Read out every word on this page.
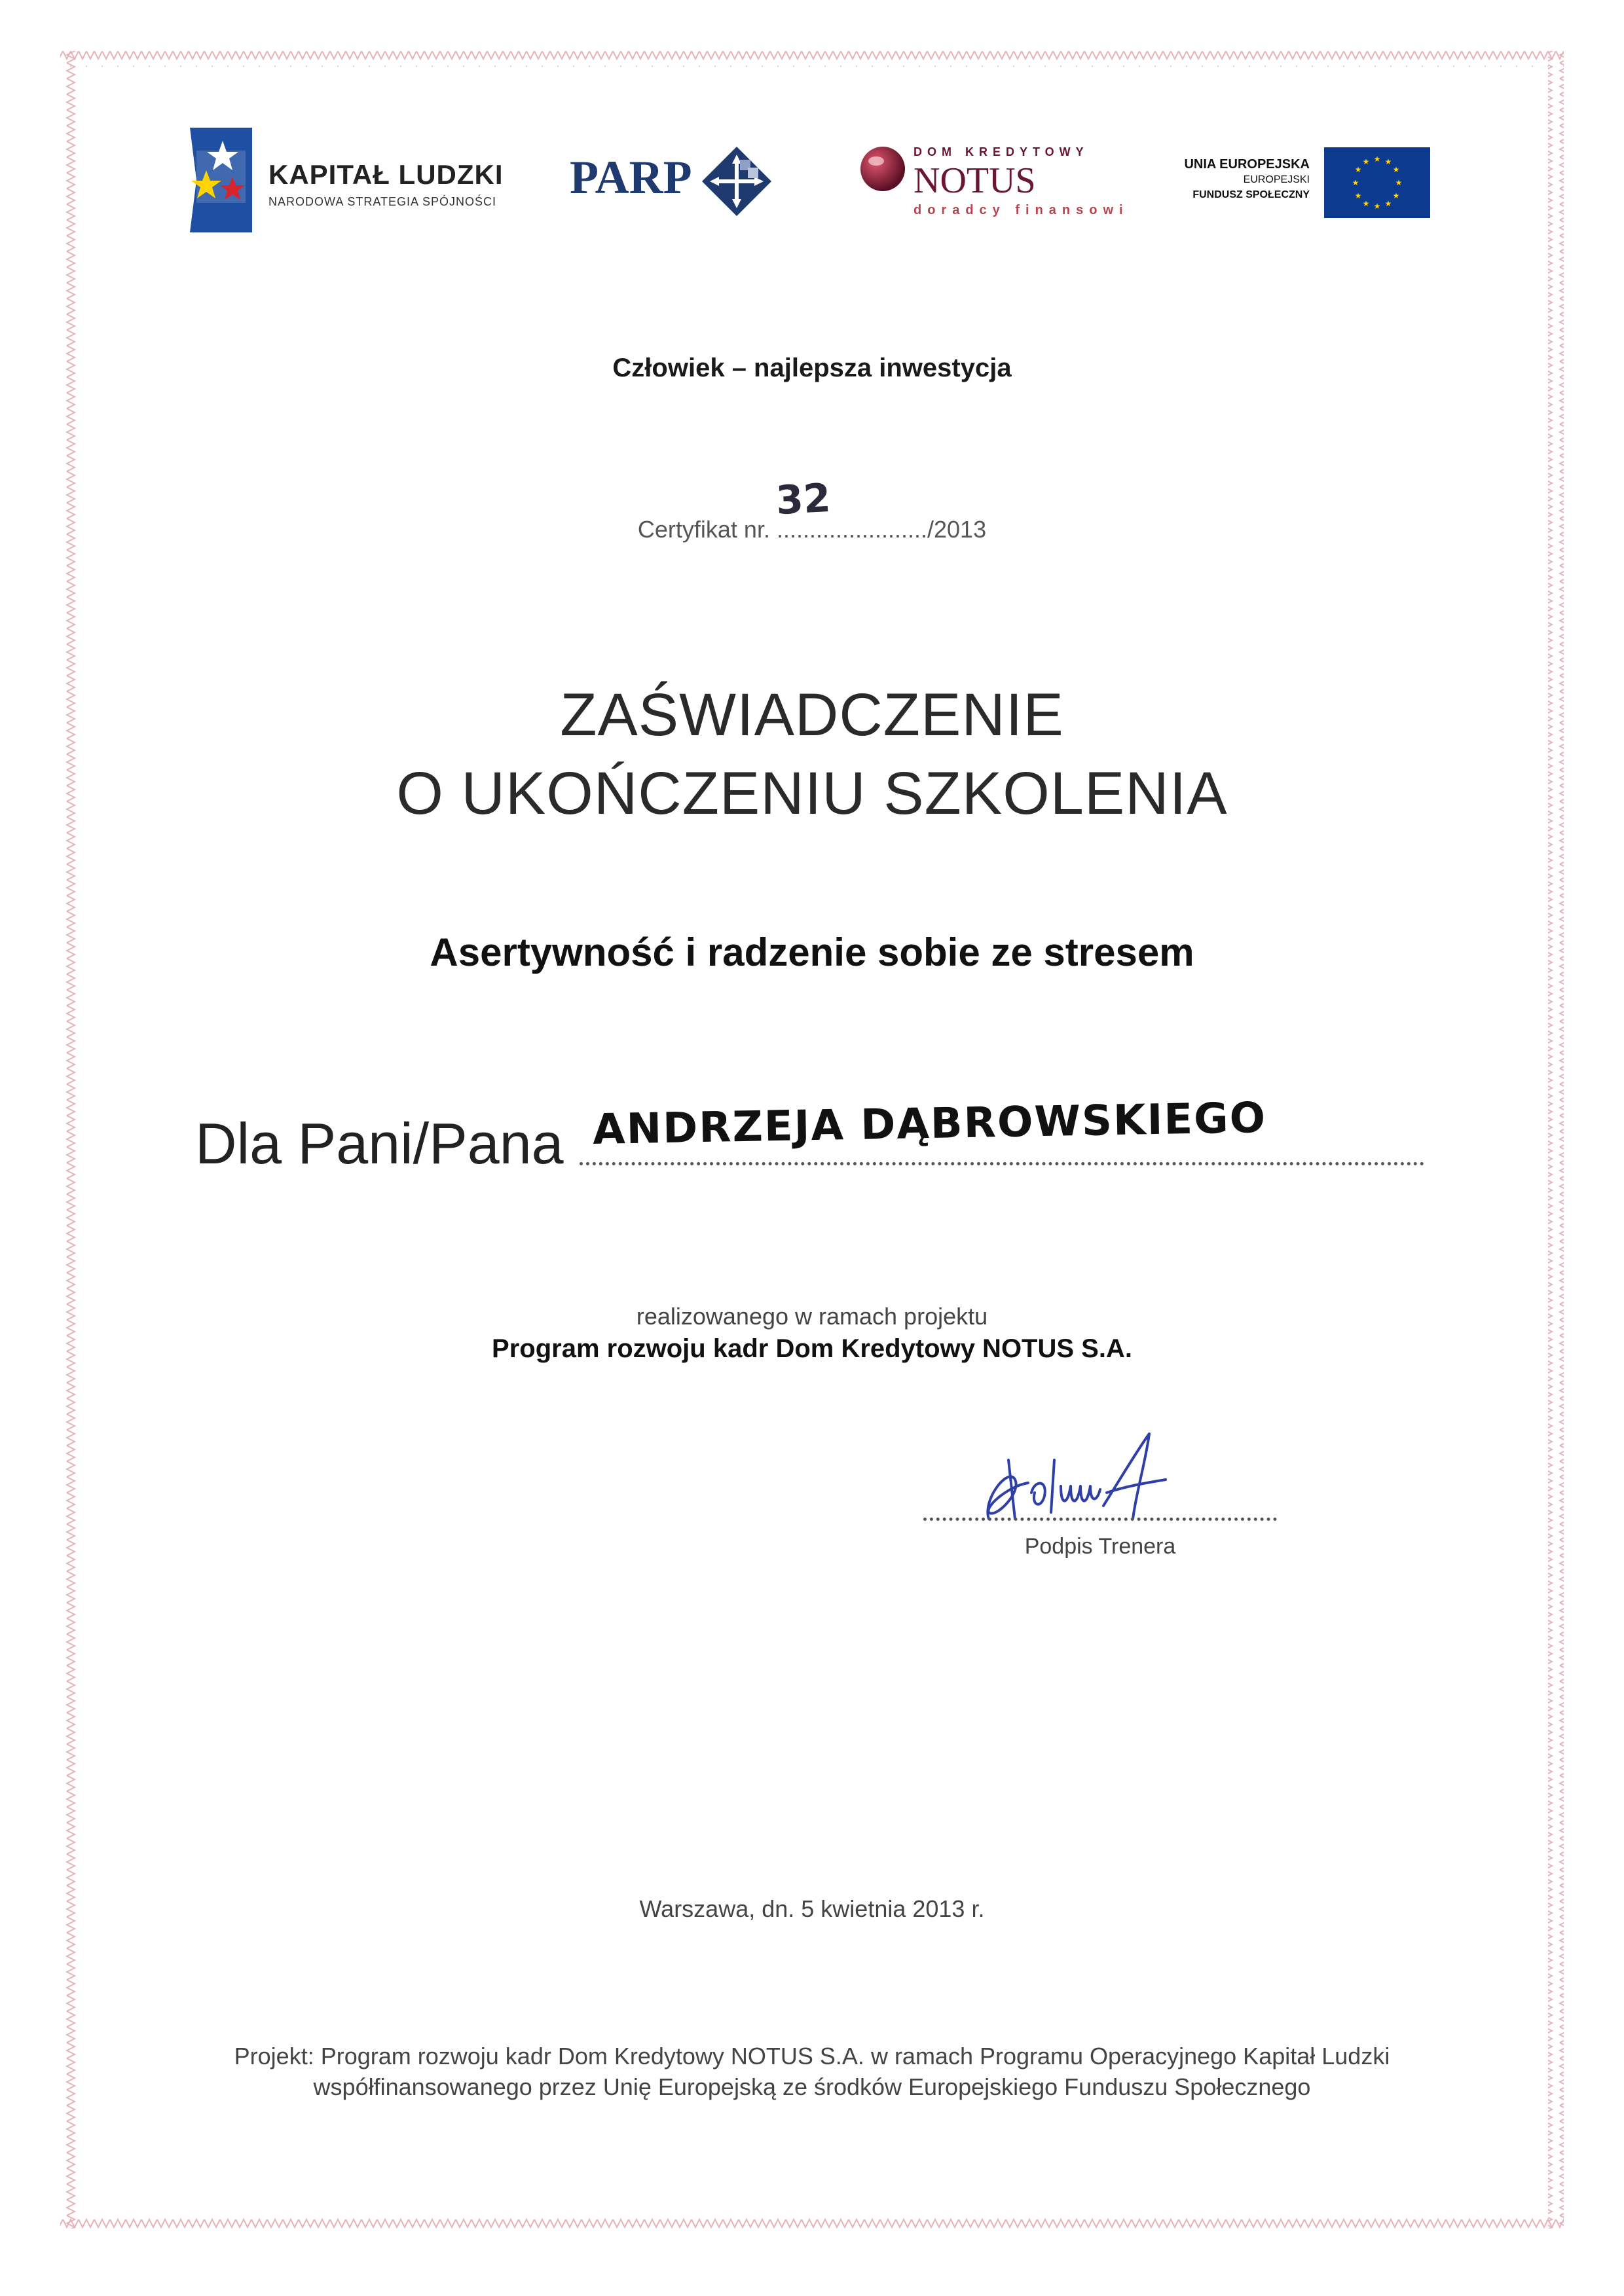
KAPITAŁ LUDZKI
NARODOWA STRATEGIA SPÓJNOŚCI PARP	DOM KREDYTOWY
NOTUS
doradcy finansowi
UNIA EUROPEJSKA
EUROPEJSKI
FUNDUSZ SPOŁECZNY
★ ★
★
★
★
★
★
★
★
★
★
★
Człowiek – najlepsza inwestycja
Certyfikat nr. ......................./2013
32
ZAŚWIADCZENIE
O UKOŃCZENIU SZKOLENIA
Asertywność i radzenie sobie ze stresem
Dla Pani/Pana ANDRZEJA DĄBROWSKIEGO
realizowanego w ramach projektu
Program rozwoju kadr Dom Kredytowy NOTUS S.A.
Podpis Trenera
Warszawa, dn. 5 kwietnia 2013 r.
Projekt: Program rozwoju kadr Dom Kredytowy NOTUS S.A. w ramach Programu Operacyjnego Kapitał Ludzki
współfinansowanego przez Unię Europejską ze środków Europejskiego Funduszu Społecznego
